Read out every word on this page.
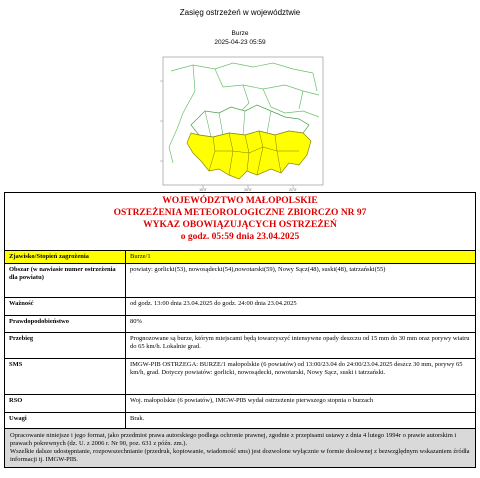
Zasięg ostrzeżeń w województwie
Burze
2025-04-23 05:59
19°0'	20°0'	21°0'
WOJEWÓDZTWO MAŁOPOLSKIE
OSTRZEŻENIA METEOROLOGICZNE ZBIORCZO NR 97
WYKAZ OBOWIĄZUJĄCYCH OSTRZEŻEŃ
o godz. 05:59 dnia 23.04.2025	

Zjawisko/Stopień zagrożenia	Burze/1
Obszar (w nawiasie numer ostrzeżenia dla powiatu)	powiaty: gorlicki(53), nowosądecki(54),nowotarski(59), Nowy Sącz(48), suski(48), tatrzański(55)
Ważność	od godz. 13:00 dnia 23.04.2025 do godz. 24:00 dnia 23.04.2025
Prawdopodobieństwo	80%
Przebieg	Prognozowane są burze, którym miejscami będą towarzyszyć intensywne opady deszczu od 15 mm do 30 mm oraz porywy wiatru do 65 km/h. Lokalnie grad.
SMS	IMGW-PIB OSTRZEGA: BURZE/1 małopolskie (6 powiatów) od 13:00/23.04 do 24:00/23.04.2025 deszcz 30 mm, porywy 65 km/h, grad. Dotyczy powiatów: gorlicki, nowosądecki, nowotarski, Nowy Sącz, suski i tatrzański.
RSO	Woj. małopolskie (6 powiatów), IMGW-PIB wydał ostrzeżenie pierwszego stopnia o burzach
Uwagi	Brak.

Opracowanie niniejsze i jego format, jako przedmiot prawa autorskiego podlega ochronie prawnej, zgodnie z przepisami ustawy z dnia 4 lutego 1994r o prawie autorskim i prawach pokrewnych (dz. U. z 2006 r. Nr 90, poz. 631 z późn. zm.).

Wszelkie dalsze udostępnianie, rozpowszechnianie (przedruk, kopiowanie, wiadomość sms) jest dozwolone wyłącznie w formie dosłownej z bezwzględnym wskazaniem źródła informacji tj. IMGW-PIB.	
